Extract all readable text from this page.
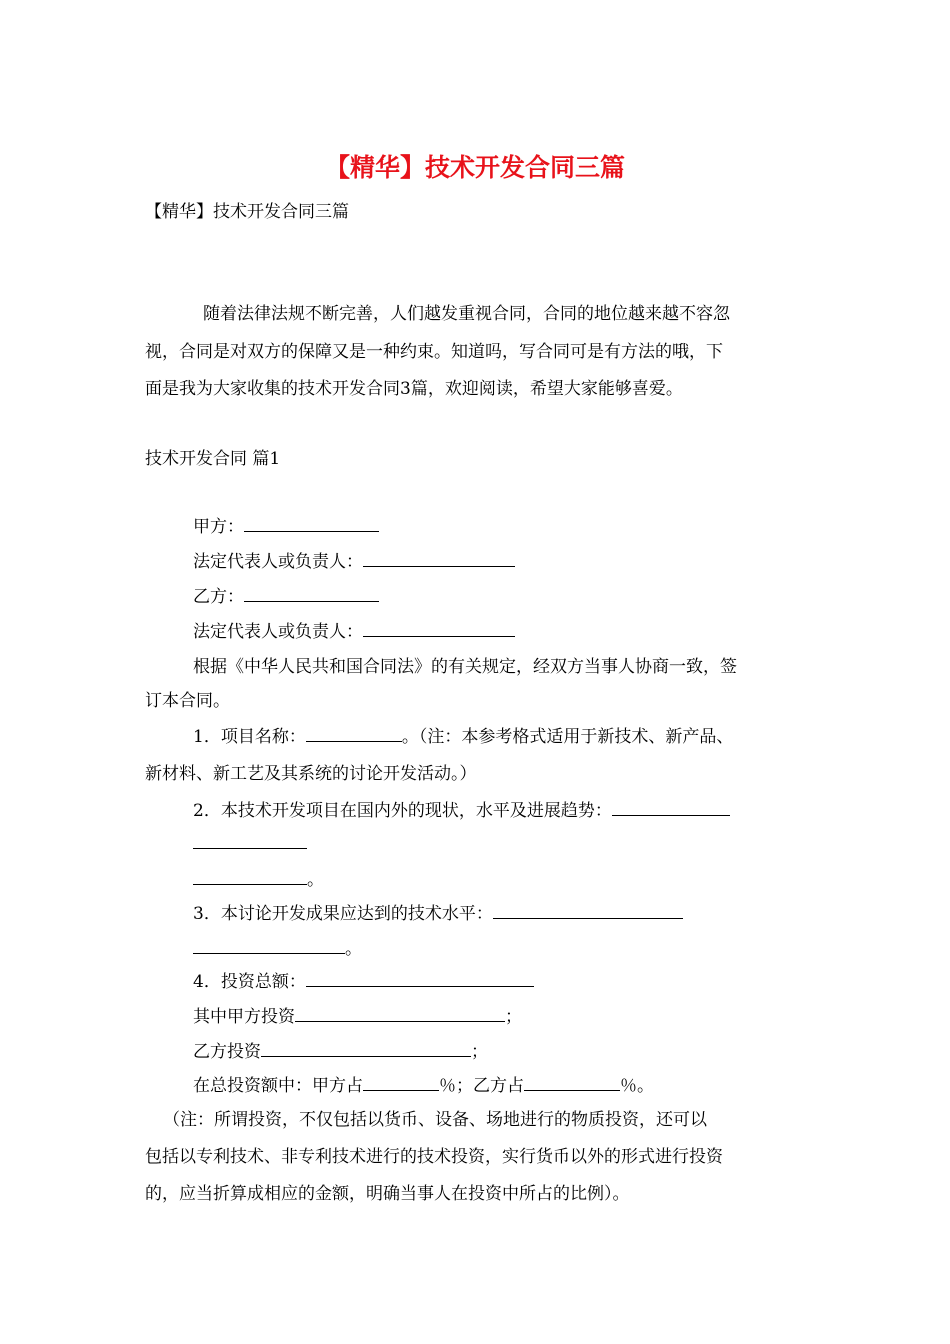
【精华】技术开发合同三篇
【精华】技术开发合同三篇
随着法律法规不断完善，人们越发重视合同，合同的地位越来越不容忽
视，合同是对双方的保障又是一种约束。知道吗，写合同可是有方法的哦，下
面是我为大家收集的技术开发合同3篇，欢迎阅读，希望大家能够喜爱。
技术开发合同 篇1
甲方：
法定代表人或负责人：
乙方：
法定代表人或负责人：
根据《中华人民共和国合同法》的有关规定，经双方当事人协商一致，签
订本合同。
1．项目名称：	。（注：本参考格式适用于新技术、新产品、
新材料、新工艺及其系统的讨论开发活动。）
2．本技术开发项目在国内外的现状，水平及进展趋势：
。
3．本讨论开发成果应达到的技术水平：
。
4．投资总额：
其中甲方投资	；
乙方投资	；
在总投资额中：甲方占	％；乙方占	％。
（注：所谓投资，不仅包括以货币、设备、场地进行的物质投资，还可以
包括以专利技术、非专利技术进行的技术投资，实行货币以外的形式进行投资
的，应当折算成相应的金额，明确当事人在投资中所占的比例）。
